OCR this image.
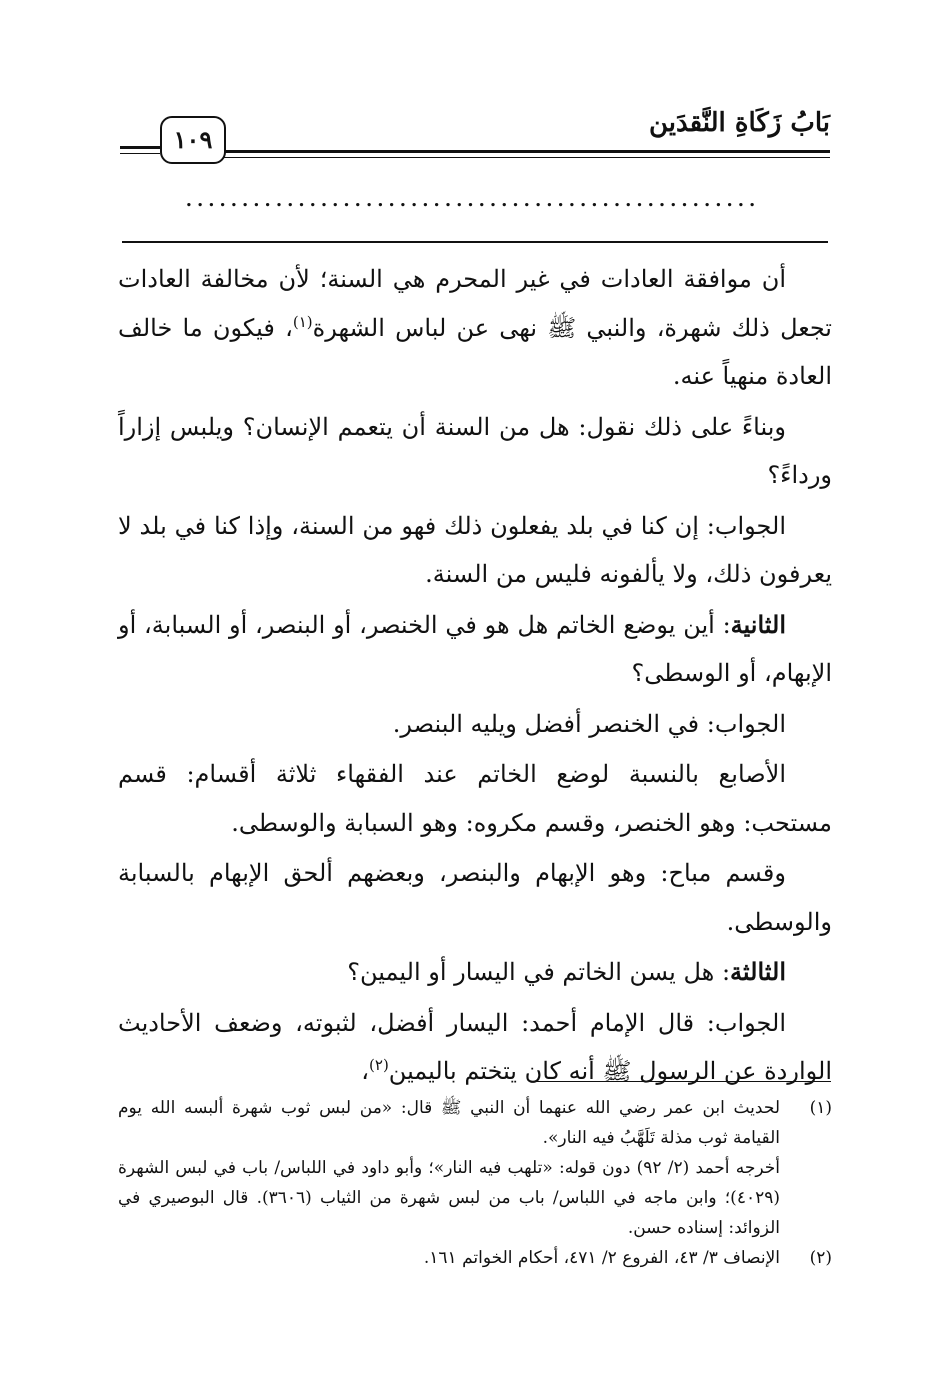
بَابُ زَكَاةِ النَّقدَين
١٠٩
...................................................

أن موافقة العادات في غير المحرم هي السنة؛ لأن مخالفة العادات تجعل ذلك شهرة، والنبي ﷺ نهى عن لباس الشهرة$^{(١)}$، فيكون ما خالف العادة منهياً عنه.

وبناءً على ذلك نقول: هل من السنة أن يتعمم الإنسان؟ ويلبس إزاراً ورداءً؟

الجواب: إن كنا في بلد يفعلون ذلك فهو من السنة، وإذا كنا في بلد لا يعرفون ذلك، ولا يألفونه فليس من السنة.

الثانية: أين يوضع الخاتم هل هو في الخنصر، أو البنصر، أو السبابة، أو الإبهام، أو الوسطى؟

الجواب: في الخنصر أفضل ويليه البنصر.

الأصابع بالنسبة لوضع الخاتم عند الفقهاء ثلاثة أقسام: قسم مستحب: وهو الخنصر، وقسم مكروه: وهو السبابة والوسطى.

وقسم مباح: وهو الإبهام والبنصر، وبعضهم ألحق الإبهام بالسبابة والوسطى.

الثالثة: هل يسن الخاتم في اليسار أو اليمين؟

الجواب: قال الإمام أحمد: اليسار أفضل، لثبوته، وضعف الأحاديث الواردة عن الرسول ﷺ أنه كان يتختم باليمين$^{(٢)}$،

(١)
لحديث ابن عمر رضي الله عنهما أن النبي ﷺ قال: «من لبس ثوب شهرة ألبسه الله يوم القيامة ثوب مذلة تَلَهَّبُ فيه النار».
أخرجه أحمد (٢/ ٩٢) دون قوله: «تلهب فيه النار»؛ وأبو داود في اللباس/ باب في لبس الشهرة (٤٠٢٩)؛ وابن ماجه في اللباس/ باب من لبس شهرة من الثياب (٣٦٠٦). قال البوصيري في الزوائد: إسناده حسن.
(٢)
الإنصاف ٣/ ٤٣، الفروع ٢/ ٤٧١، أحكام الخواتم ١٦١.
